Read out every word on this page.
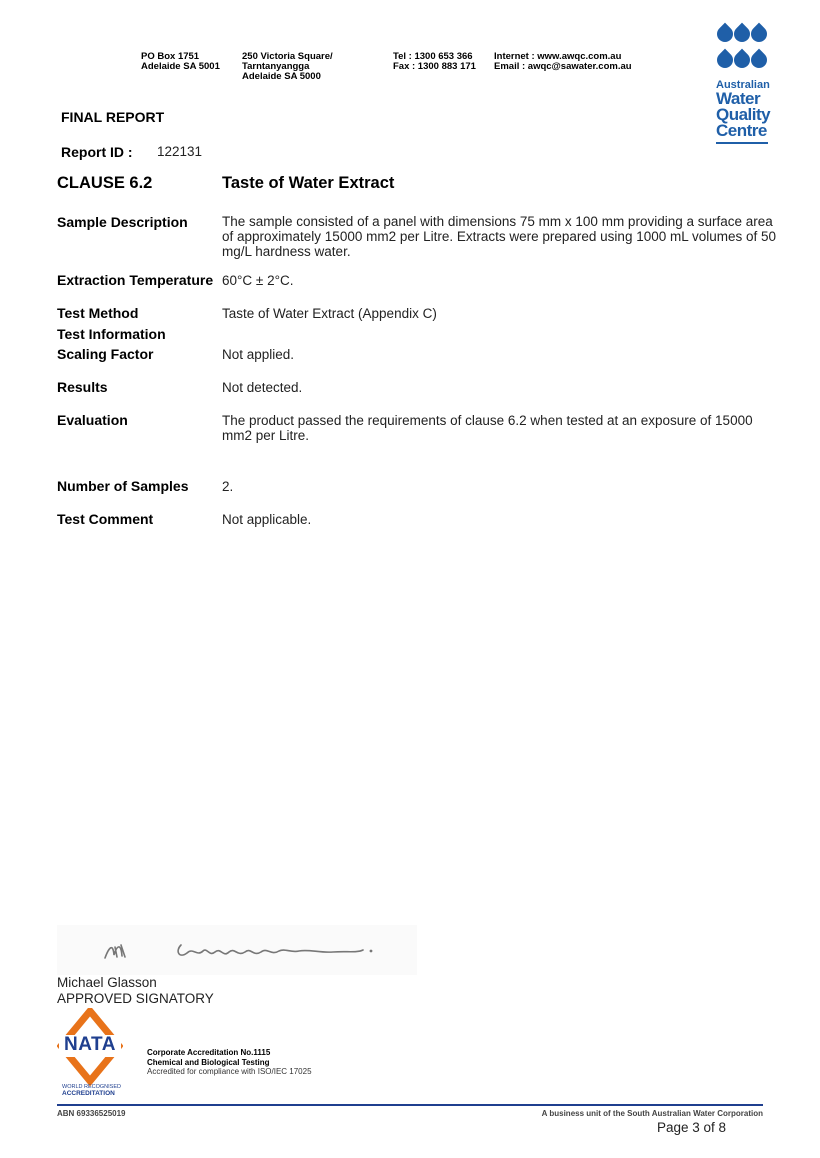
PO Box 1751
Adelaide SA 5001
250 Victoria Square/
Tarntanyangga
Adelaide SA 5000
Tel : 1300 653 366
Fax : 1300 883 171
Internet : www.awqc.com.au
Email : awqc@sawater.com.au
Australian
Water
Quality
Centre
FINAL REPORT
Report ID : 122131
CLAUSE 6.2	Taste of Water Extract
Sample Description	The sample consisted of a panel with dimensions 75 mm x 100 mm providing a surface area of approximately 15000 mm2 per Litre. Extracts were prepared using 1000 mL volumes of 50 mg/L hardness water.
Extraction Temperature 60°C ± 2°C.
Test Method	Taste of Water Extract (Appendix C)
Test Information
Scaling Factor	Not applied.
Results	Not detected.
Evaluation	The product passed the requirements of clause 6.2 when tested at an exposure of 15000 mm2 per Litre.
Number of Samples 2.
Test Comment	Not applicable.
Michael Glasson
APPROVED SIGNATORY
NATA
WORLD RECOGNISED
ACCREDITATION
Corporate Accreditation No.1115
Chemical and Biological Testing
Accredited for compliance with ISO/IEC 17025
ABN 69336525019	A business unit of the South Australian Water Corporation
Page 3 of 8
